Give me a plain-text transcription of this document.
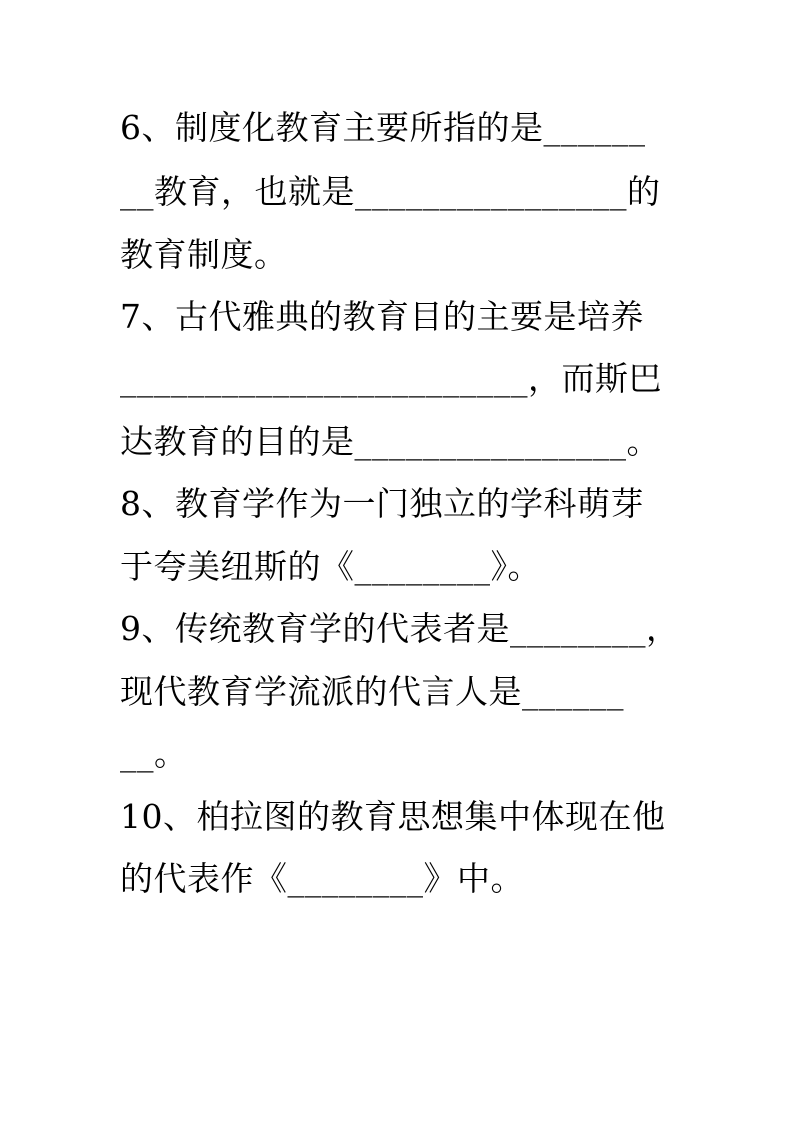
6、制度化教育主要所指的是______
__教育，也就是________________的
教育制度。
7、古代雅典的教育目的主要是培养
________________________，而斯巴
达教育的目的是________________。
8、教育学作为一门独立的学科萌芽
于夸美纽斯的《________》。
9、传统教育学的代表者是________，
现代教育学流派的代言人是______
__。
10、柏拉图的教育思想集中体现在他
的代表作《________》中。
